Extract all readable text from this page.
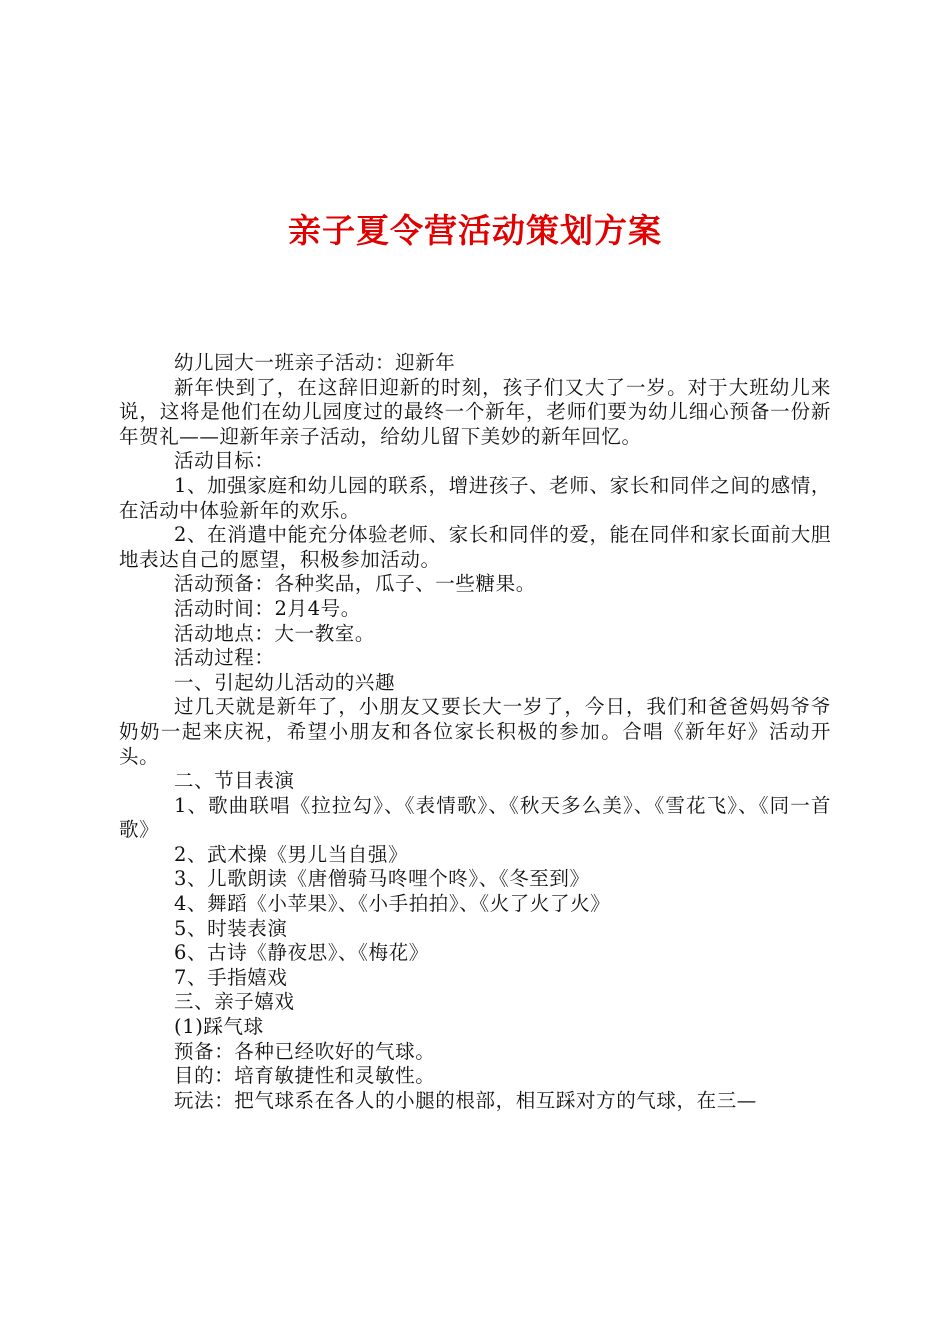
亲子夏令营活动策划方案

幼儿园大一班亲子活动：迎新年

新年快到了，在这辞旧迎新的时刻，孩子们又大了一岁。对于大班幼儿来说，这将是他们在幼儿园度过的最终一个新年，老师们要为幼儿细心预备一份新年贺礼——迎新年亲子活动，给幼儿留下美妙的新年回忆。

活动目标：

1、加强家庭和幼儿园的联系，增进孩子、老师、家长和同伴之间的感情，在活动中体验新年的欢乐。

2、在消遣中能充分体验老师、家长和同伴的爱，能在同伴和家长面前大胆地表达自己的愿望，积极参加活动。

活动预备：各种奖品，瓜子、一些糖果。

活动时间：2月4号。

活动地点：大一教室。

活动过程：

一、引起幼儿活动的兴趣

过几天就是新年了，小朋友又要长大一岁了，今日，我们和爸爸妈妈爷爷奶奶一起来庆祝，希望小朋友和各位家长积极的参加。合唱《新年好》活动开头。

二、节目表演

1、歌曲联唱《拉拉勾》、《表情歌》、《秋天多么美》、《雪花飞》、《同一首歌》

2、武术操《男儿当自强》

3、儿歌朗读《唐僧骑马咚哩个咚》、《冬至到》

4、舞蹈《小苹果》、《小手拍拍》、《火了火了火》

5、时装表演

6、古诗《静夜思》、《梅花》

7、手指嬉戏

三、亲子嬉戏

(1)踩气球

预备：各种已经吹好的气球。

目的：培育敏捷性和灵敏性。

玩法：把气球系在各人的小腿的根部，相互踩对方的气球，在三—
